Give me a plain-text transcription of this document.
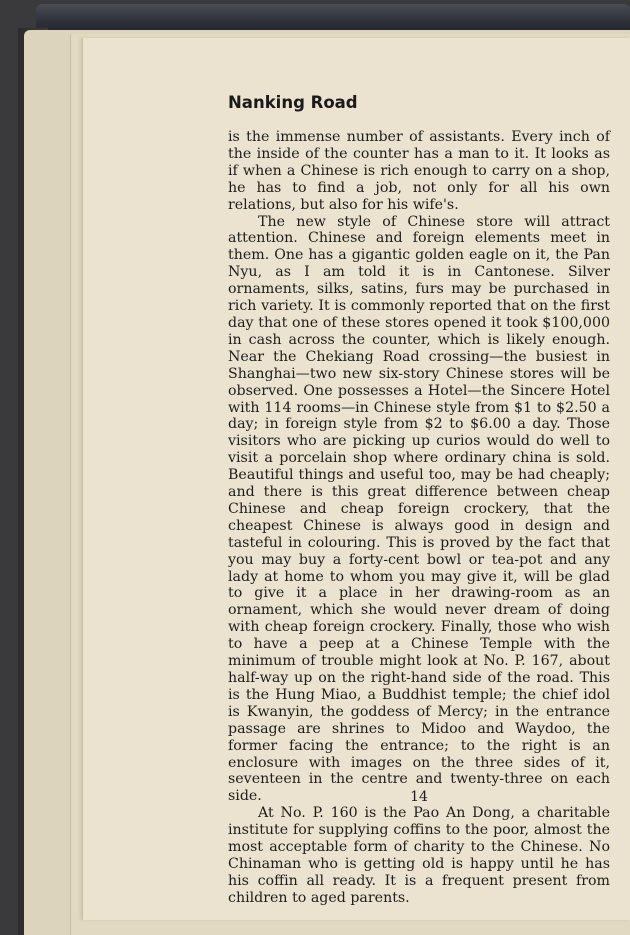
Nanking Road

is the immense number of assistants. Every inch of the inside of the counter has a man to it. It looks as if when a Chinese is rich enough to carry on a shop, he has to find a job, not only for all his own relations, but also for his wife's.

The new style of Chinese store will attract attention. Chinese and foreign elements meet in them. One has a gigantic golden eagle on it, the Pan Nyu, as I am told it is in Cantonese. Silver ornaments, silks, satins, furs may be purchased in rich variety. It is commonly reported that on the first day that one of these stores opened it took $100,000 in cash across the counter, which is likely enough. Near the Chekiang Road crossing—the busiest in Shanghai—two new six-story Chinese stores will be observed. One possesses a Hotel—the Sincere Hotel with 114 rooms—in Chinese style from $1 to $2.50 a day; in foreign style from $2 to $6.00 a day. Those visitors who are picking up curios would do well to visit a porcelain shop where ordinary china is sold. Beautiful things and useful too, may be had cheaply; and there is this great difference between cheap Chinese and cheap foreign crockery, that the cheapest Chinese is always good in design and tasteful in colouring. This is proved by the fact that you may buy a forty-cent bowl or tea-pot and any lady at home to whom you may give it, will be glad to give it a place in her drawing-room as an ornament, which she would never dream of doing with cheap foreign crockery. Finally, those who wish to have a peep at a Chinese Temple with the minimum of trouble might look at No. P. 167, about half-way up on the right-hand side of the road. This is the Hung Miao, a Buddhist temple; the chief idol is Kwanyin, the goddess of Mercy; in the entrance passage are shrines to Midoo and Waydoo, the former facing the entrance; to the right is an enclosure with images on the three sides of it, seventeen in the centre and twenty-three on each side.

At No. P. 160 is the Pao An Dong, a charitable institute for supplying coffins to the poor, almost the most acceptable form of charity to the Chinese. No Chinaman who is getting old is happy until he has his coffin all ready. It is a frequent present from children to aged parents.

14
